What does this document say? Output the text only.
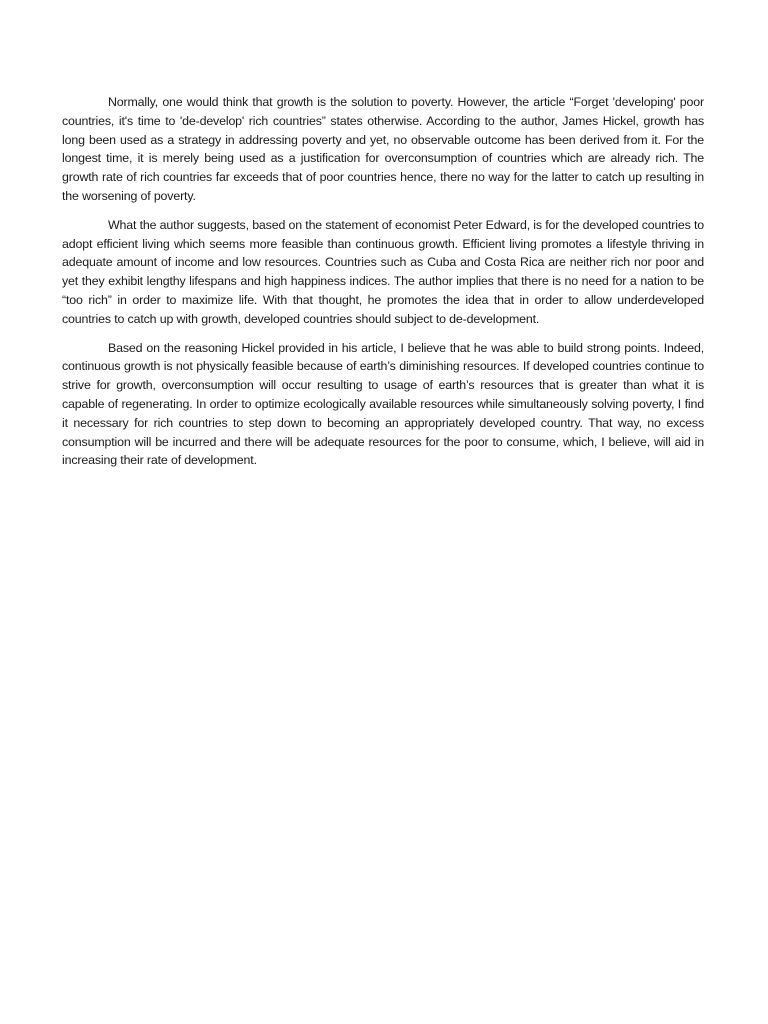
Normally, one would think that growth is the solution to poverty. However, the article “Forget 'developing' poor countries, it's time to 'de-develop' rich countries” states otherwise. According to the author, James Hickel, growth has long been used as a strategy in addressing poverty and yet, no observable outcome has been derived from it. For the longest time, it is merely being used as a justification for overconsumption of countries which are already rich. The growth rate of rich countries far exceeds that of poor countries hence, there no way for the latter to catch up resulting in the worsening of poverty.

What the author suggests, based on the statement of economist Peter Edward, is for the developed countries to adopt efficient living which seems more feasible than continuous growth. Efficient living promotes a lifestyle thriving in adequate amount of income and low resources. Countries such as Cuba and Costa Rica are neither rich nor poor and yet they exhibit lengthy lifespans and high happiness indices. The author implies that there is no need for a nation to be “too rich” in order to maximize life. With that thought, he promotes the idea that in order to allow underdeveloped countries to catch up with growth, developed countries should subject to de-development.

Based on the reasoning Hickel provided in his article, I believe that he was able to build strong points. Indeed, continuous growth is not physically feasible because of earth’s diminishing resources. If developed countries continue to strive for growth, overconsumption will occur resulting to usage of earth’s resources that is greater than what it is capable of regenerating. In order to optimize ecologically available resources while simultaneously solving poverty, I find it necessary for rich countries to step down to becoming an appropriately developed country. That way, no excess consumption will be incurred and there will be adequate resources for the poor to consume, which, I believe, will aid in increasing their rate of development.
